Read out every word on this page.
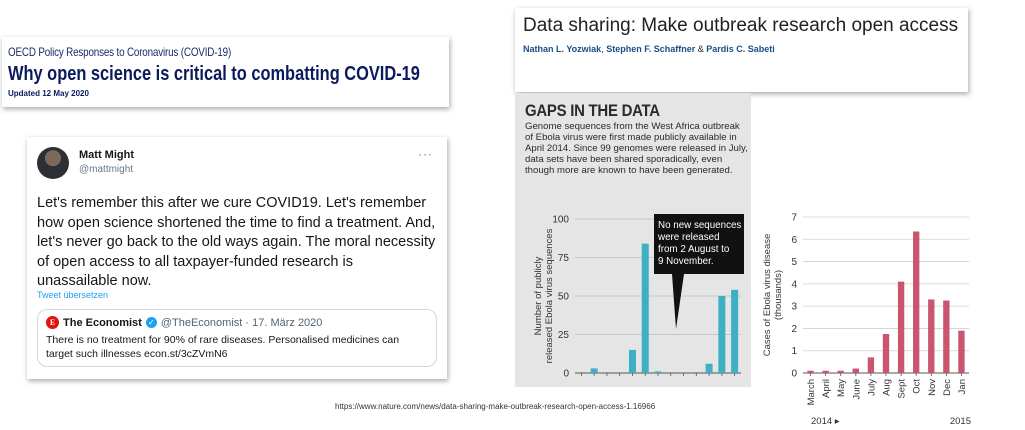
OECD Policy Responses to Coronavirus (COVID-19)
Why open science is critical to combatting COVID-19
Updated 12 May 2020
Matt Might
@mattmight
···
Let's remember this after we cure COVID19. Let's remember how open science shortened the time to find a treatment. And, let's never go back to the old ways again. The moral necessity of open access to all taxpayer-funded research is unassailable now.
Tweet übersetzen
E The Economist ✓ @TheEconomist · 17. März 2020
There is no treatment for 90% of rare diseases. Personalised medicines can target such illnesses econ.st/3cZVmN6
Data sharing: Make outbreak research open access
Nathan L. Yozwiak, Stephen F. Schaffner & Pardis C. Sabeti
GAPS IN THE DATA
Genome sequences from the West Africa outbreak of Ebola virus were first made publicly available in April 2014. Since 99 genomes were released in July, data sets have been shared sporadically, even though more are known to have been generated.
0
25
50
75
100
Number of publiclyreleased Ebola virus sequences
No new sequences were released from 2 August to 9 November.
0
1
2
3
4
5
6
7
March April May June July Aug Sept Oct Nov Dec Jan
Cases of Ebola virus disease(thousands)
2014 ▸	2015
https://www.nature.com/news/data-sharing-make-outbreak-research-open-access-1.16966
